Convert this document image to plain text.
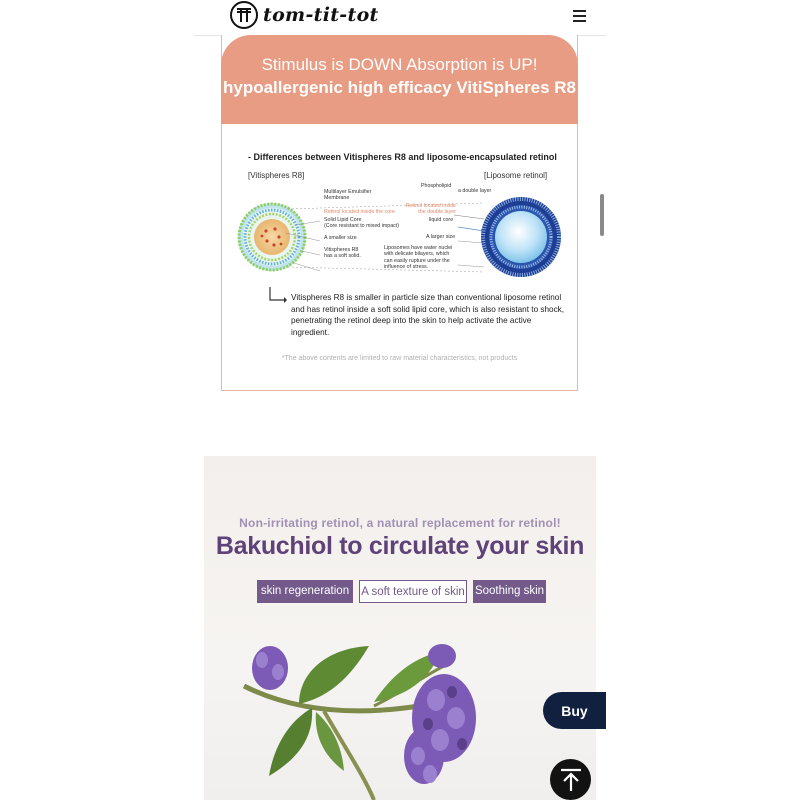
tom-tit-tot
Stimulus is DOWN Absorption is UP!
hypoallergenic high efficacy VitiSpheres R8
- Differences between Vitispheres R8 and liposome-encapsulated retinol
[Vitispheres R8]	[Liposome retinol]
Multilayer Emulsifier
Membrane
Retinol located inside the core
Solid Lipid Core
(Core resistant to mixed impact)
A smaller size
Vitispheres R8
has a soft solid.
Phospholipid
a double layer
Retinol located inside
the double layer
liquid core
A larger size
Liposomes have water nuclei
with delicate bilayers, which
can easily rupture under the
influence of stress.
Vitispheres R8 is smaller in particle size than conventional liposome retinol and has retinol inside a soft solid lipid core, which is also resistant to shock, penetrating the retinol deep into the skin to help activate the active ingredient.
*The above contents are limited to raw material characteristics, not products
Non-irritating retinol, a natural replacement for retinol!
Bakuchiol to circulate your skin
skin regeneration	A soft texture of skin Soothing skin
Buy
